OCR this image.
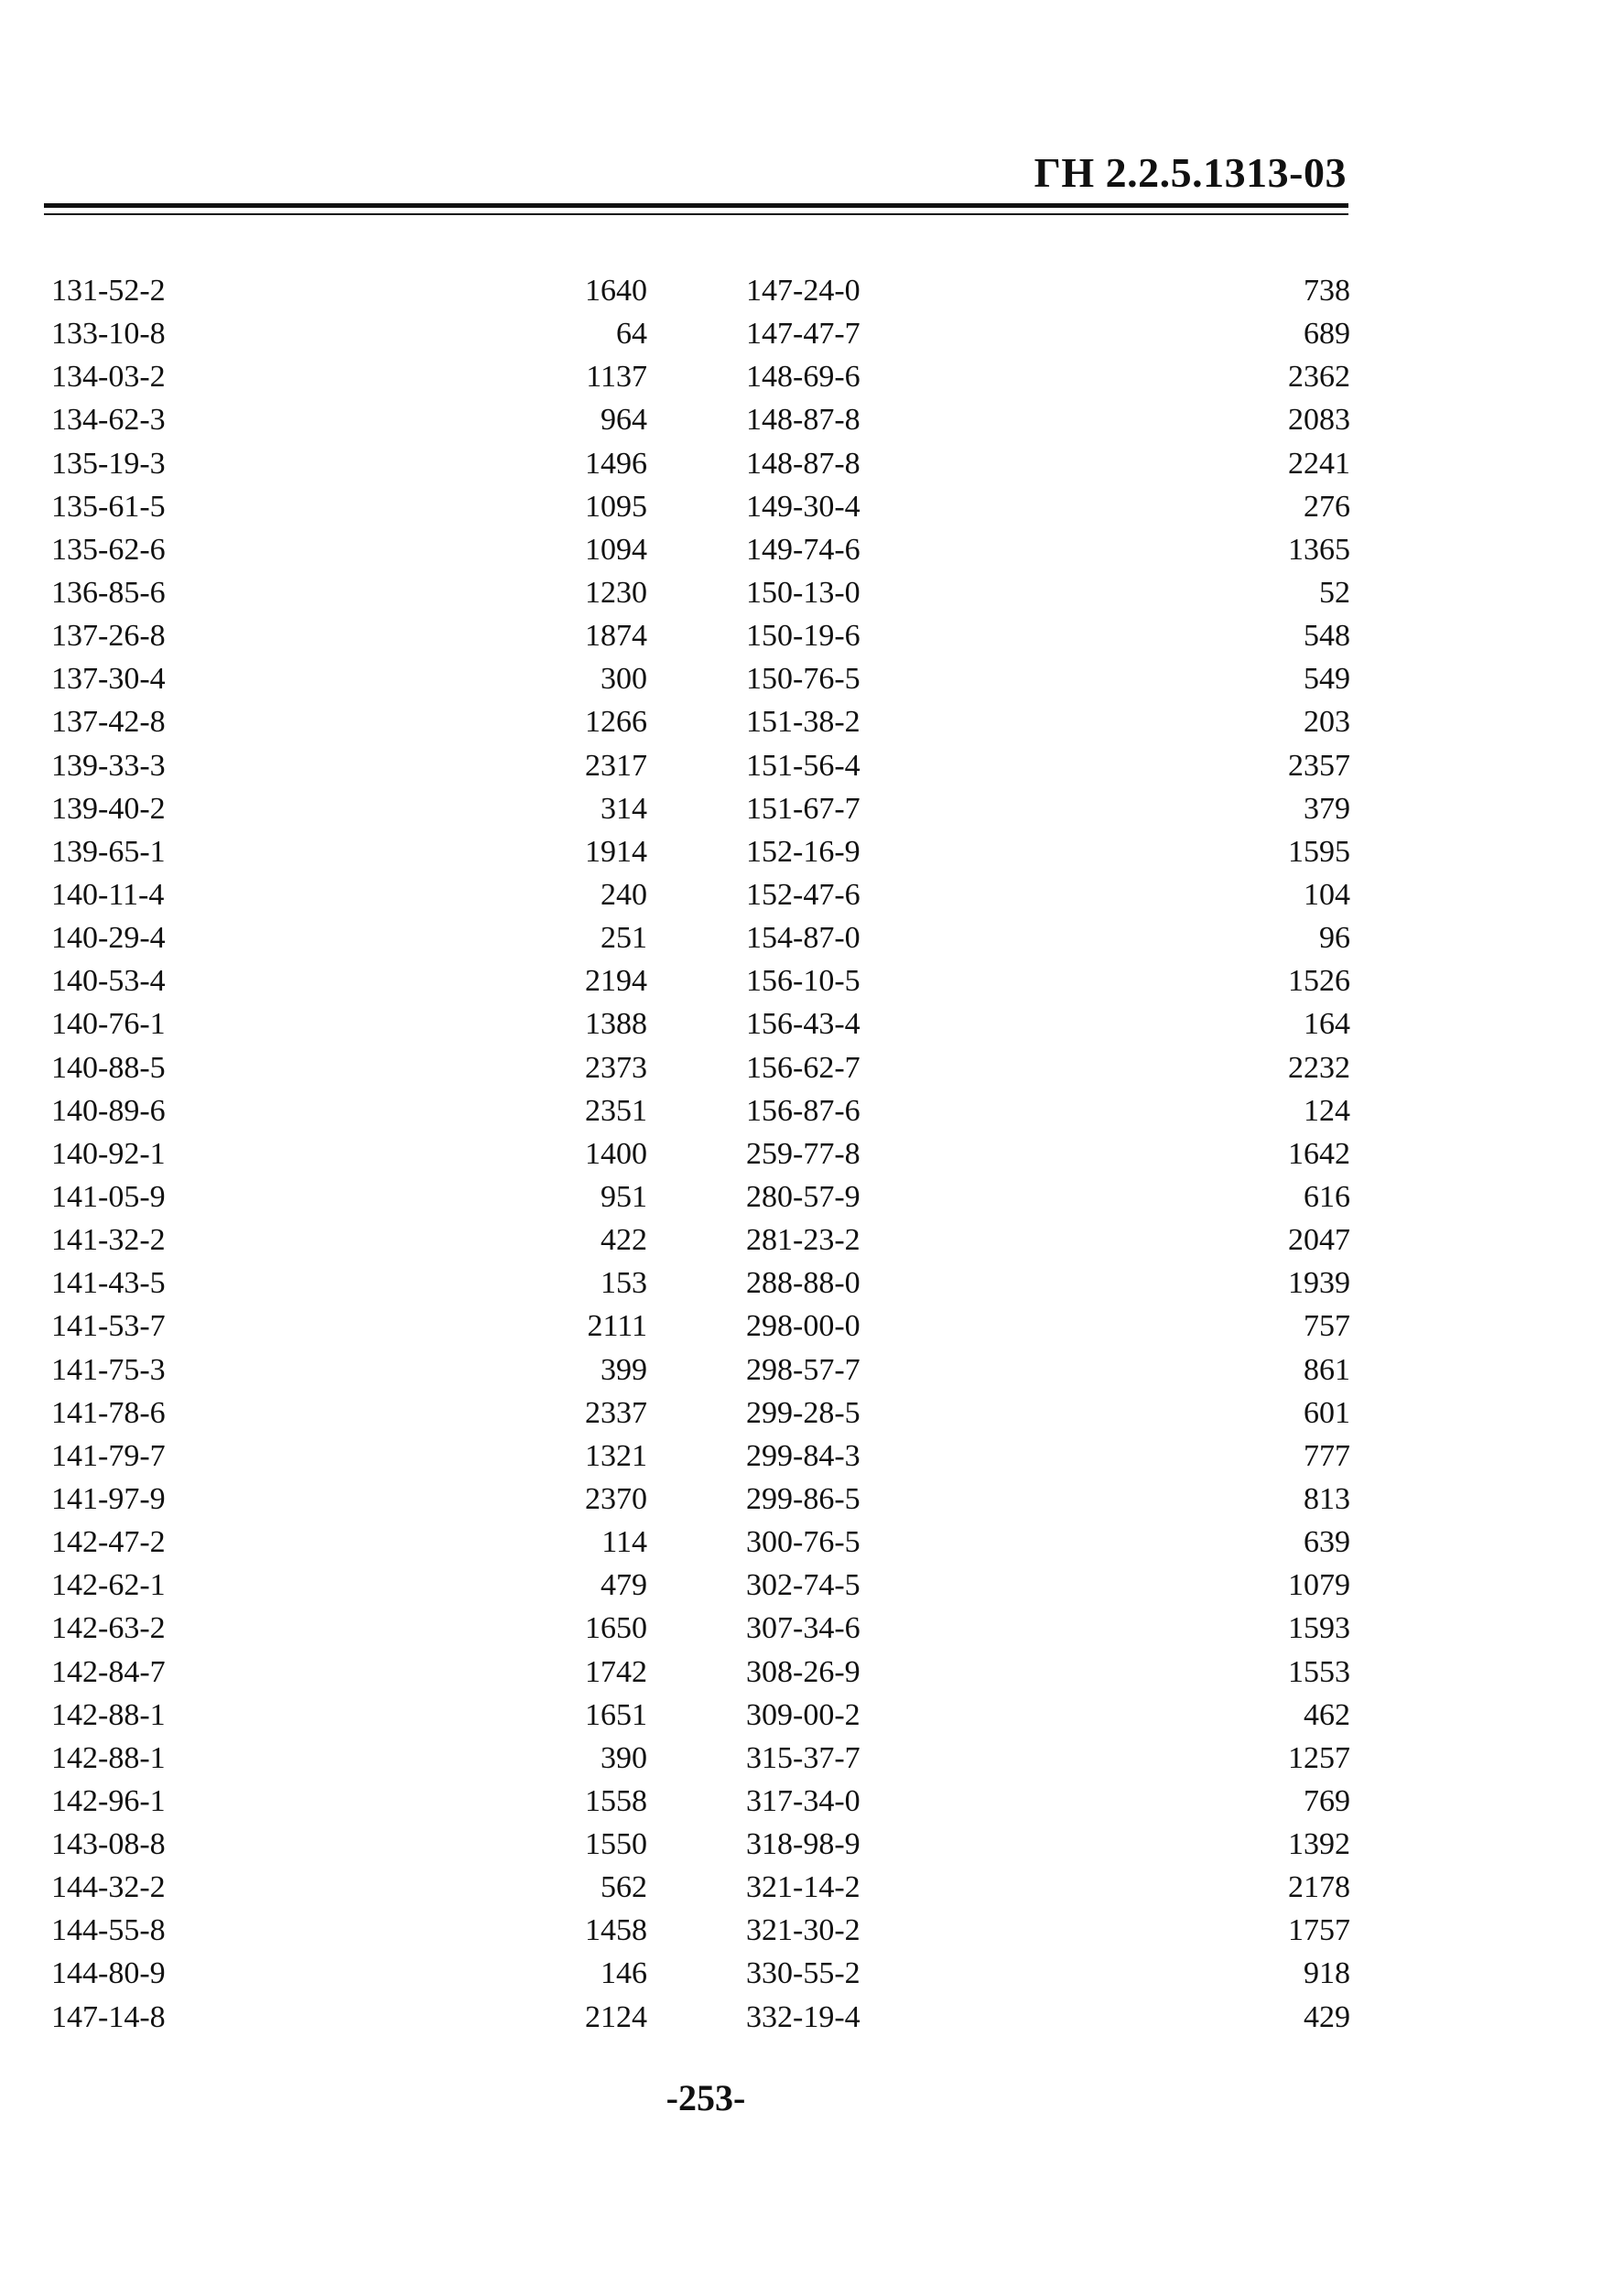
ГН 2.2.5.1313-03
131-52-2	1640	147-24-0	738
133-10-8	64	147-47-7	689
134-03-2	1137	148-69-6	2362
134-62-3	964	148-87-8	2083
135-19-3	1496	148-87-8	2241
135-61-5	1095	149-30-4	276
135-62-6	1094	149-74-6	1365
136-85-6	1230	150-13-0	52
137-26-8	1874	150-19-6	548
137-30-4	300	150-76-5	549
137-42-8	1266	151-38-2	203
139-33-3	2317	151-56-4	2357
139-40-2	314	151-67-7	379
139-65-1	1914	152-16-9	1595
140-11-4	240	152-47-6	104
140-29-4	251	154-87-0	96
140-53-4	2194	156-10-5	1526
140-76-1	1388	156-43-4	164
140-88-5	2373	156-62-7	2232
140-89-6	2351	156-87-6	124
140-92-1	1400	259-77-8	1642
141-05-9	951	280-57-9	616
141-32-2	422	281-23-2	2047
141-43-5	153	288-88-0	1939
141-53-7	2111	298-00-0	757
141-75-3	399	298-57-7	861
141-78-6	2337	299-28-5	601
141-79-7	1321	299-84-3	777
141-97-9	2370	299-86-5	813
142-47-2	114	300-76-5	639
142-62-1	479	302-74-5	1079
142-63-2	1650	307-34-6	1593
142-84-7	1742	308-26-9	1553
142-88-1	1651	309-00-2	462
142-88-1	390	315-37-7	1257
142-96-1	1558	317-34-0	769
143-08-8	1550	318-98-9	1392
144-32-2	562	321-14-2	2178
144-55-8	1458	321-30-2	1757
144-80-9	146	330-55-2	918
147-14-8	2124	332-19-4	429
-253-
